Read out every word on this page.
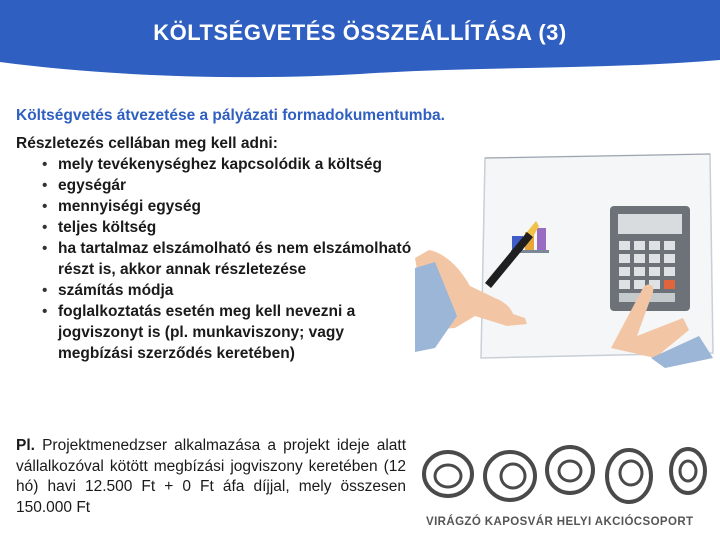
KÖLTSÉGVETÉS ÖSSZEÁLLÍTÁSA (3)
Költségvetés átvezetése a pályázati formadokumentumba.
Részletezés cellában meg kell adni:
• mely tevékenységhez kapcsolódik a költség
• egységár
• mennyiségi egység
• teljes költség
• ha tartalmaz elszámolható és nem elszámolható részt is, akkor annak részletezése
• számítás módja
• foglalkoztatás esetén meg kell nevezni a jogviszonyt is (pl. munkaviszony; vagy megbízási szerződés keretében)
Pl. Projektmenedzser alkalmazása a projekt ideje alatt vállalkozóval kötött megbízási jogviszony keretében (12 hó) havi 12.500 Ft + 0 Ft áfa díjjal, mely összesen 150.000 Ft
VIRÁGZÓ KAPOSVÁR HELYI AKCIÓCSOPORT
